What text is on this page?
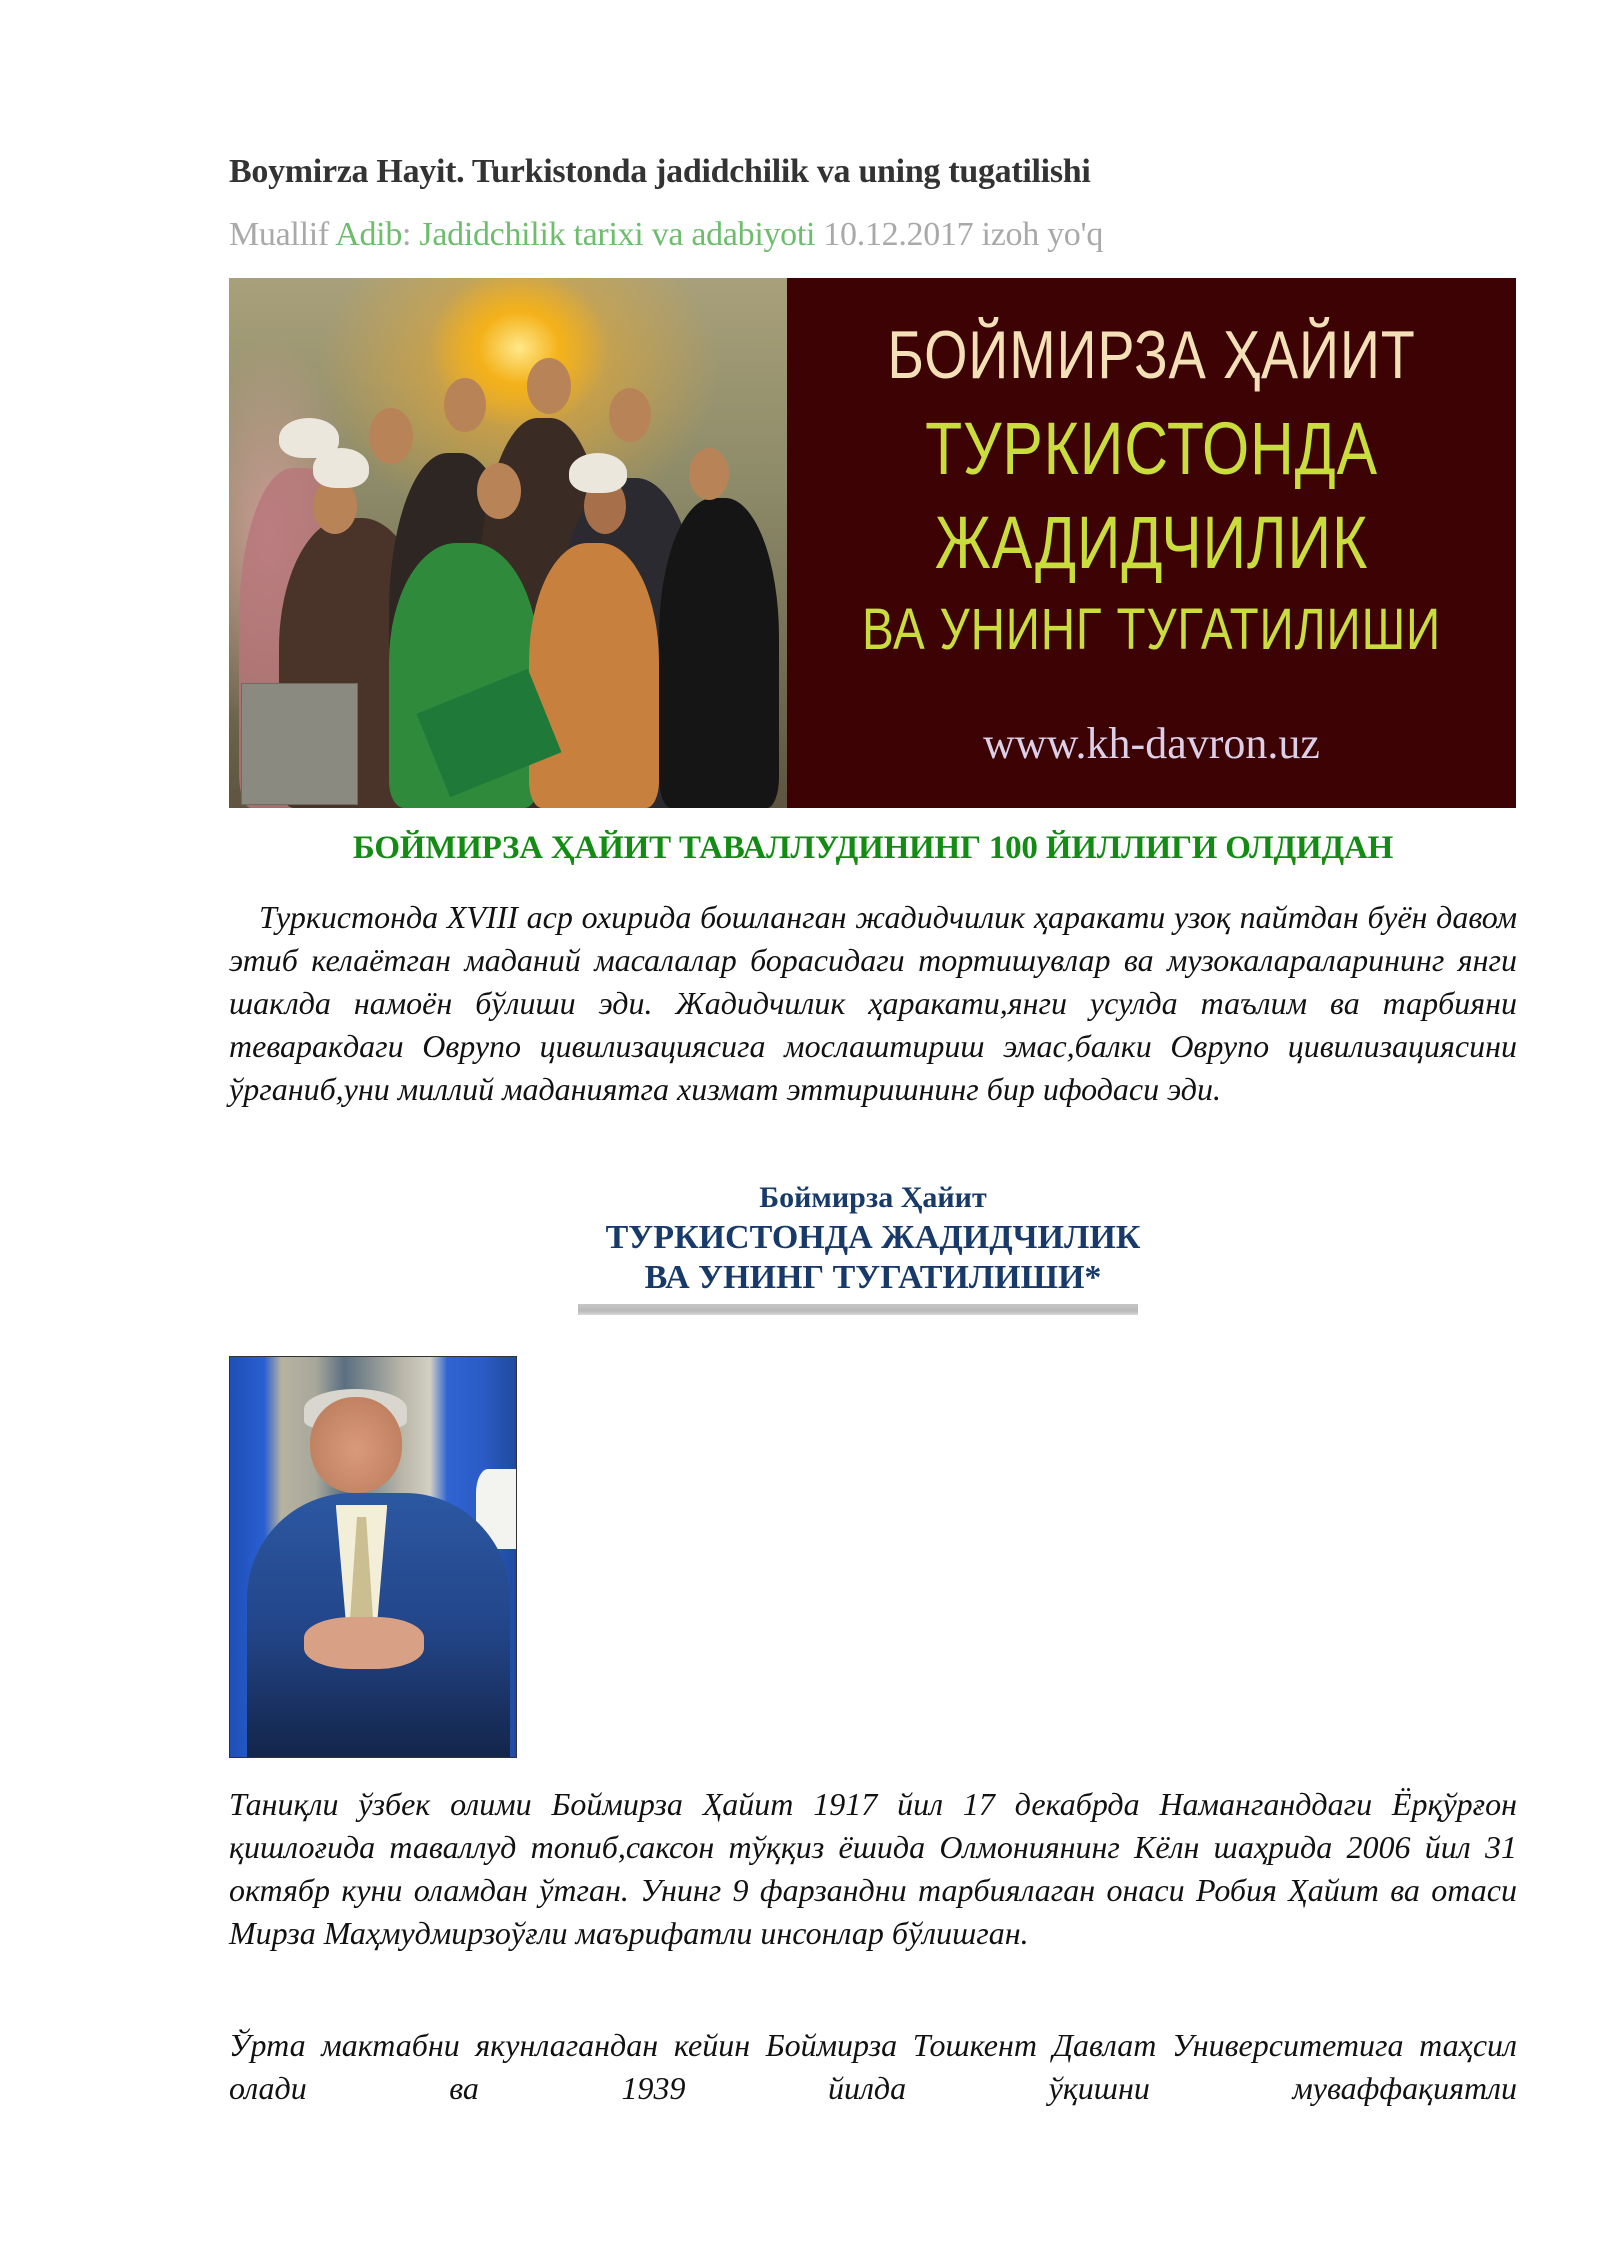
Boymirza Hayit. Turkistonda jadidchilik va uning tugatilishi
Muallif Adib: Jadidchilik tarixi va adabiyoti 10.12.2017 izoh yo'q
БОЙМИРЗА ҲАЙИТ
ТУРКИСТОНДА
ЖАДИДЧИЛИК
ВА УНИНГ ТУГАТИЛИШИ
www.kh-davron.uz
БОЙМИРЗА ҲАЙИТ ТАВАЛЛУДИНИНГ 100 ЙИЛЛИГИ ОЛДИДАН

Туркистонда XVIII аср охирида бошланган жадидчилик ҳаракати узоқ пайтдан буён давом этиб келаётган маданий масалалар борасидаги тортишувлар ва музокалараларининг янги шаклда намоён бўлиши эди. Жадидчилик ҳаракати,янги усулда таълим ва тарбияни теваракдаги Оврупо цивилизациясига мослаштириш эмас,балки Оврупо цивилизациясини ўрганиб,уни миллий маданиятга хизмат эттиришнинг бир ифодаси эди.

Боймирза Ҳайит
ТУРКИСТОНДА ЖАДИДЧИЛИК
ВА УНИНГ ТУГАТИЛИШИ*

Таниқли ўзбек олими Боймирза Ҳайит 1917 йил 17 декабрда Наманганддаги Ёрқўрғон қишлоғида таваллуд топиб,саксон тўққиз ёшида Олмониянинг Кёлн шаҳрида 2006 йил 31 октябр куни оламдан ўтган. Унинг 9 фарзандни тарбиялаган онаси Робия Ҳайит ва отаси Мирза Маҳмудмирзоўғли маърифатли инсонлар бўлишган.

Ўрта мактабни якунлагандан кейин Боймирза Тошкент Давлат Университетига таҳсил олади ва 1939 йилда ўқишни муваффақиятли
